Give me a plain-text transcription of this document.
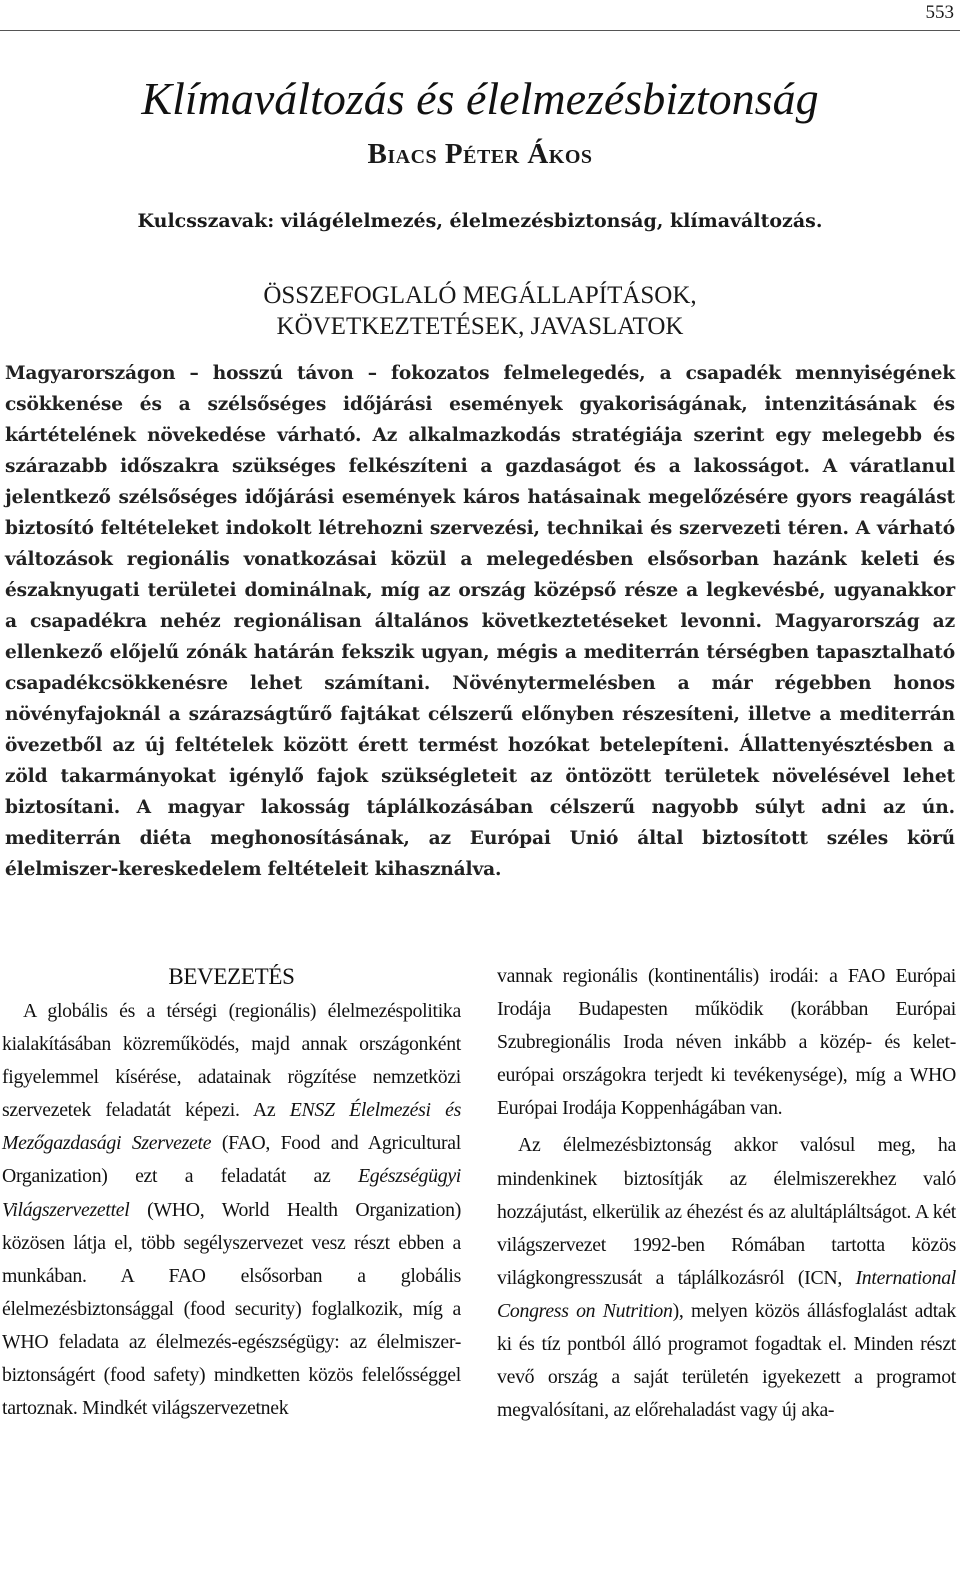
553
Klímaváltozás és élelmezésbiztonság
Biacs Péter Ákos
Kulcsszavak: világélelmezés, élelmezésbiztonság, klímaváltozás.
ÖSSZEFOGLALÓ MEGÁLLAPÍTÁSOK,
KÖVETKEZTETÉSEK, JAVASLATOK
Magyarországon – hosszú távon – fokozatos felmelegedés, a csapadék mennyiségének csökkenése és a szélsőséges időjárási események gyakoriságának, intenzitásának és kártételének növekedése várható. Az alkalmazkodás stratégiája szerint egy melegebb és szárazabb időszakra szükséges felkészíteni a gazdaságot és a lakosságot. A váratlanul jelentkező szélsőséges időjárási események káros hatásainak megelőzésére gyors reagálást biztosító feltételeket indokolt létrehozni szervezési, technikai és szervezeti téren. A várható változások regionális vonatkozásai közül a melegedésben elsősorban hazánk keleti és északnyugati területei dominálnak, míg az ország középső része a legkevésbé, ugyanakkor a csapadékra nehéz regionálisan általános következtetéseket levonni. Magyarország az ellenkező előjelű zónák határán fekszik ugyan, mégis a mediterrán térségben tapasztalható csapadékcsökkenésre lehet számítani. Növénytermelésben a már régebben honos növényfajoknál a szárazságtűrő fajtákat célszerű előnyben részesíteni, illetve a mediterrán övezetből az új feltételek között érett termést hozókat betelepíteni. Állattenyésztésben a zöld takarmányokat igénylő fajok szükségleteit az öntözött területek növelésével lehet biztosítani. A magyar lakosság táplálkozásában célszerű nagyobb súlyt adni az ún. mediterrán diéta meghonosításának, az Európai Unió által biztosított széles körű élelmiszer-kereskedelem feltételeit kihasználva.
BEVEZETÉS

A globális és a térségi (regionális) élelmezéspolitika kialakításában közreműködés, majd annak országonként figyelemmel kísérése, adatainak rögzítése nemzetközi szervezetek feladatát képezi. Az ENSZ Élelmezési és Mezőgazdasági Szervezete (FAO, Food and Agricultural Organization) ezt a feladatát az Egészségügyi Világszervezettel (WHO, World Health Organization) közösen látja el, több segélyszervezet vesz részt ebben a munkában. A FAO elsősorban a globális élelmezésbiztonsággal (food security) foglalkozik, míg a WHO feladata az élelmezés-egészségügy: az élelmiszer-biztonságért (food safety) mindketten közös felelősséggel tartoznak. Mindkét világszervezetnek

vannak regionális (kontinentális) irodái: a FAO Európai Irodája Budapesten működik (korábban Európai Szubregionális Iroda néven inkább a közép- és kelet-európai országokra terjedt ki tevékenysége), míg a WHO Európai Irodája Koppenhágában van.

Az élelmezésbiztonság akkor valósul meg, ha mindenkinek biztosítják az élelmiszerekhez való hozzájutást, elkerülik az éhezést és az alultápláltságot. A két világszervezet 1992-ben Rómában tartotta közös világkongresszusát a táplálkozásról (ICN, International Congress on Nutrition), melyen közös állásfoglalást adtak ki és tíz pontból álló programot fogadtak el. Minden részt vevő ország a saját területén igyekezett a programot megvalósítani, az előrehaladást vagy új aka-
